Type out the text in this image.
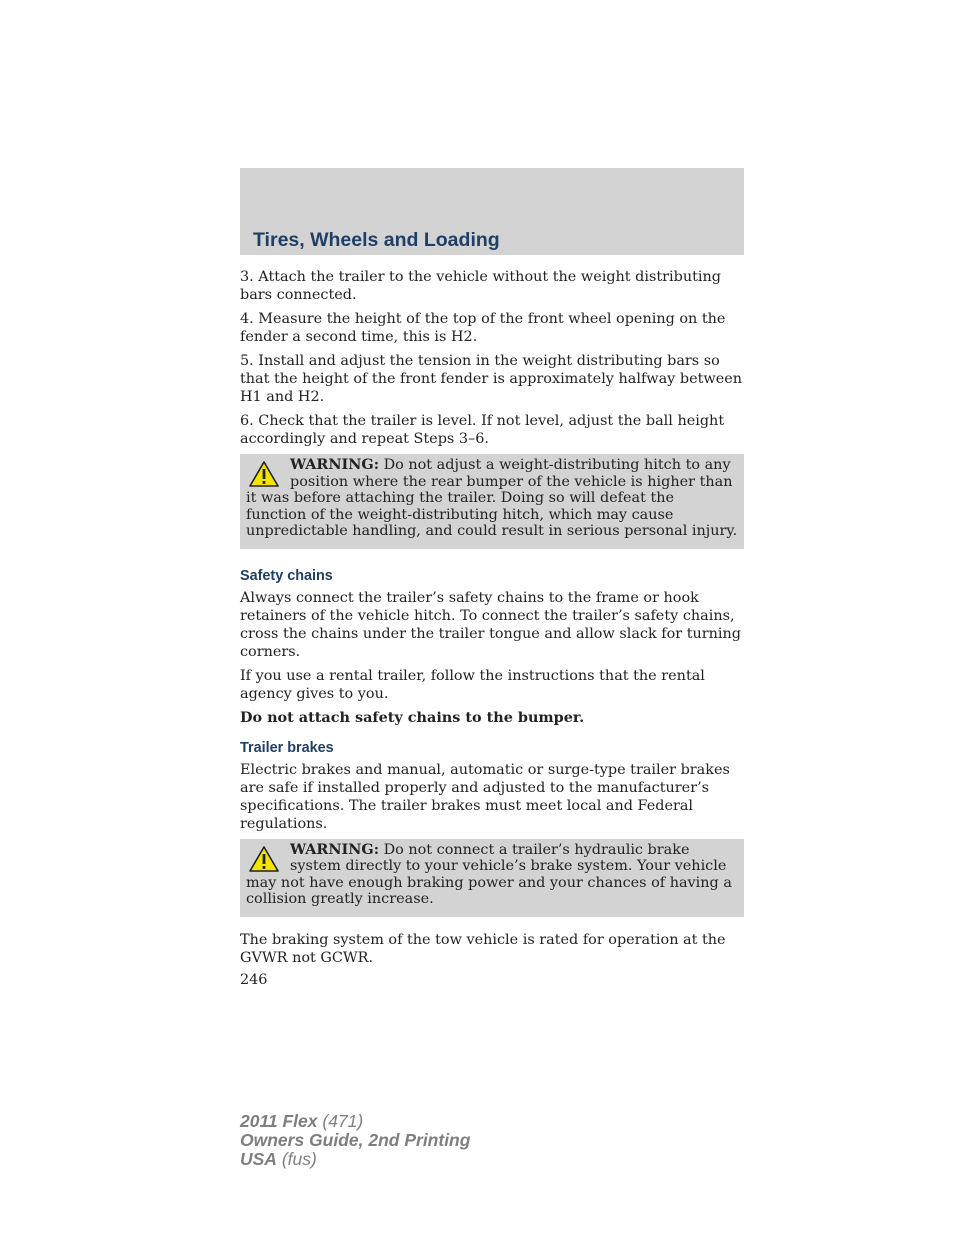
Tires, Wheels and Loading

3. Attach the trailer to the vehicle without the weight distributing bars connected.

4. Measure the height of the top of the front wheel opening on the fender a second time, this is H2.

5. Install and adjust the tension in the weight distributing bars so that the height of the front fender is approximately halfway between H1 and H2.

6. Check that the trailer is level. If not level, adjust the ball height accordingly and repeat Steps 3–6.

WARNING: Do not adjust a weight-distributing hitch to any position where the rear bumper of the vehicle is higher than it was before attaching the trailer. Doing so will defeat the function of the weight-distributing hitch, which may cause unpredictable handling, and could result in serious personal injury.
Safety chains

Always connect the trailer’s safety chains to the frame or hook retainers of the vehicle hitch. To connect the trailer’s safety chains, cross the chains under the trailer tongue and allow slack for turning corners.

If you use a rental trailer, follow the instructions that the rental agency gives to you.

Do not attach safety chains to the bumper.

Trailer brakes

Electric brakes and manual, automatic or surge-type trailer brakes are safe if installed properly and adjusted to the manufacturer’s specifications. The trailer brakes must meet local and Federal regulations.

WARNING: Do not connect a trailer’s hydraulic brake system directly to your vehicle’s brake system. Your vehicle may not have enough braking power and your chances of having a collision greatly increase.

The braking system of the tow vehicle is rated for operation at the GVWR not GCWR.

246

2011 Flex (471)
Owners Guide, 2nd Printing
USA (fus)
